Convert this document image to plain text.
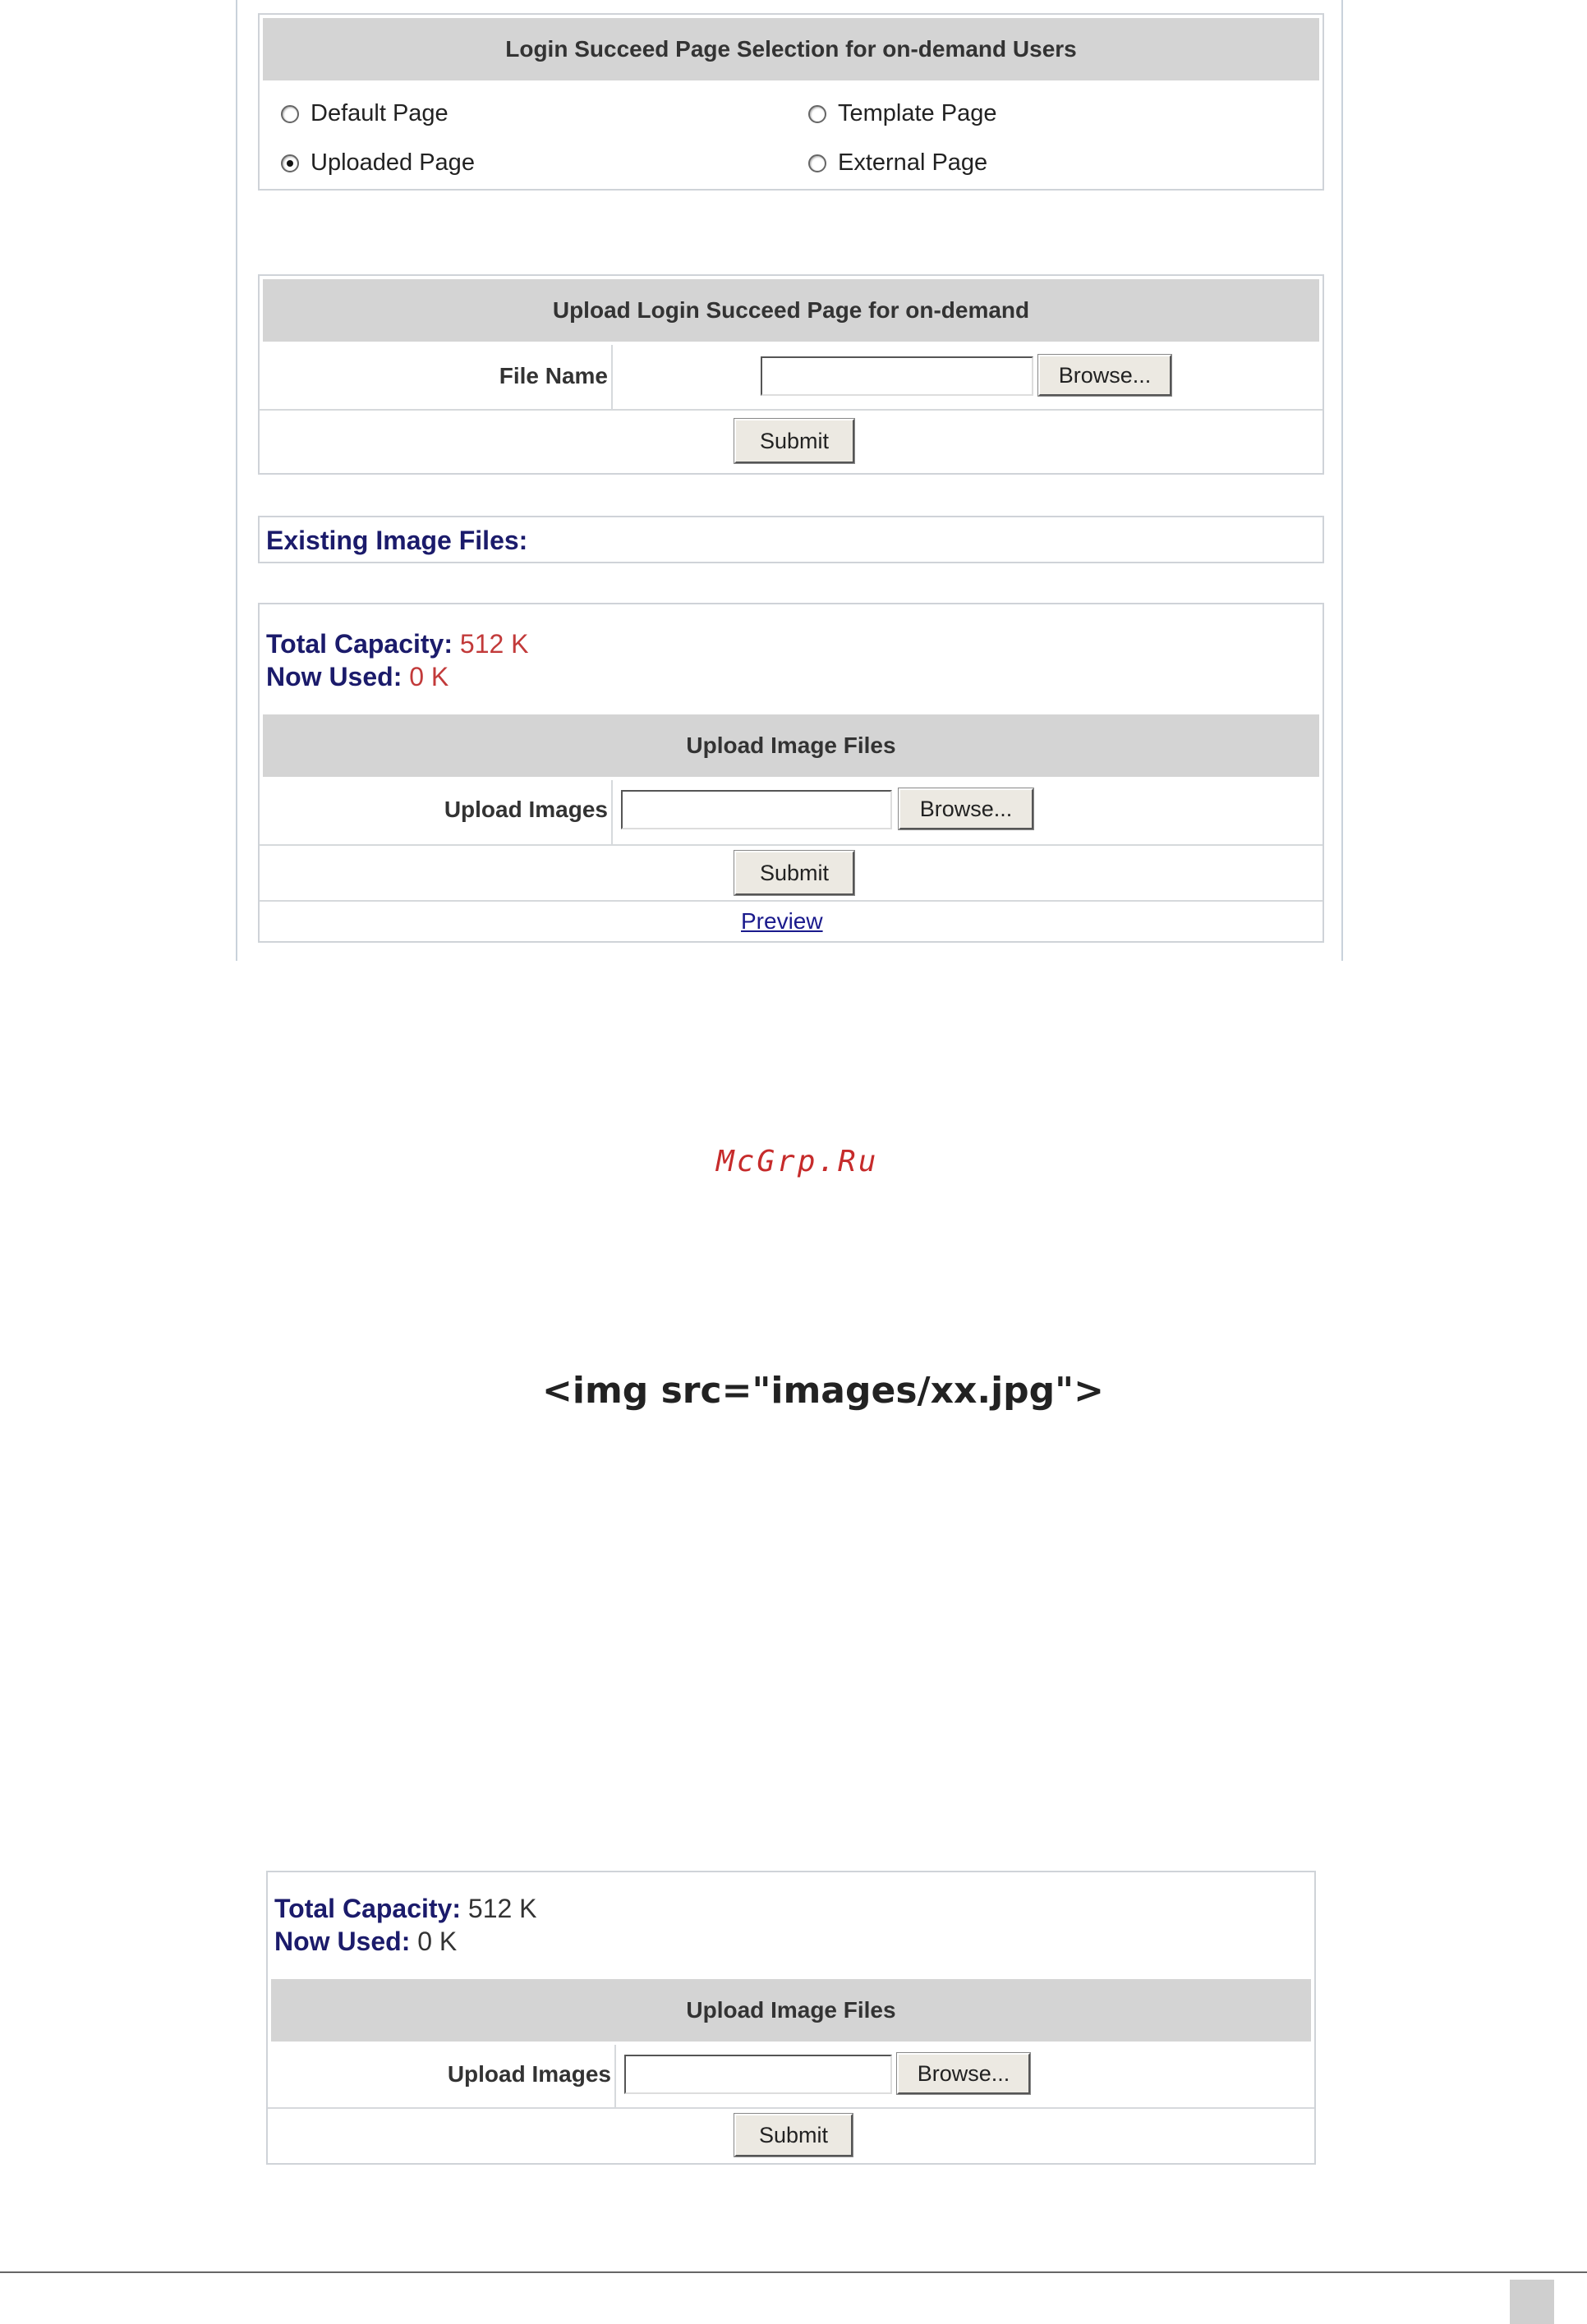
Login Succeed Page Selection for on-demand Users
Default Page	Template Page
Uploaded Page	External Page
Upload Login Succeed Page for on-demand
File Name	Browse...
Submit
Existing Image Files:
Total Capacity: 512 K
Now Used: 0 K
Upload Image Files
Upload Images	Browse...
Submit
Preview
McGrp.Ru
<img src="images/xx.jpg">
Total Capacity: 512 K
Now Used: 0 K
Upload Image Files
Upload Images	Browse...
Submit
